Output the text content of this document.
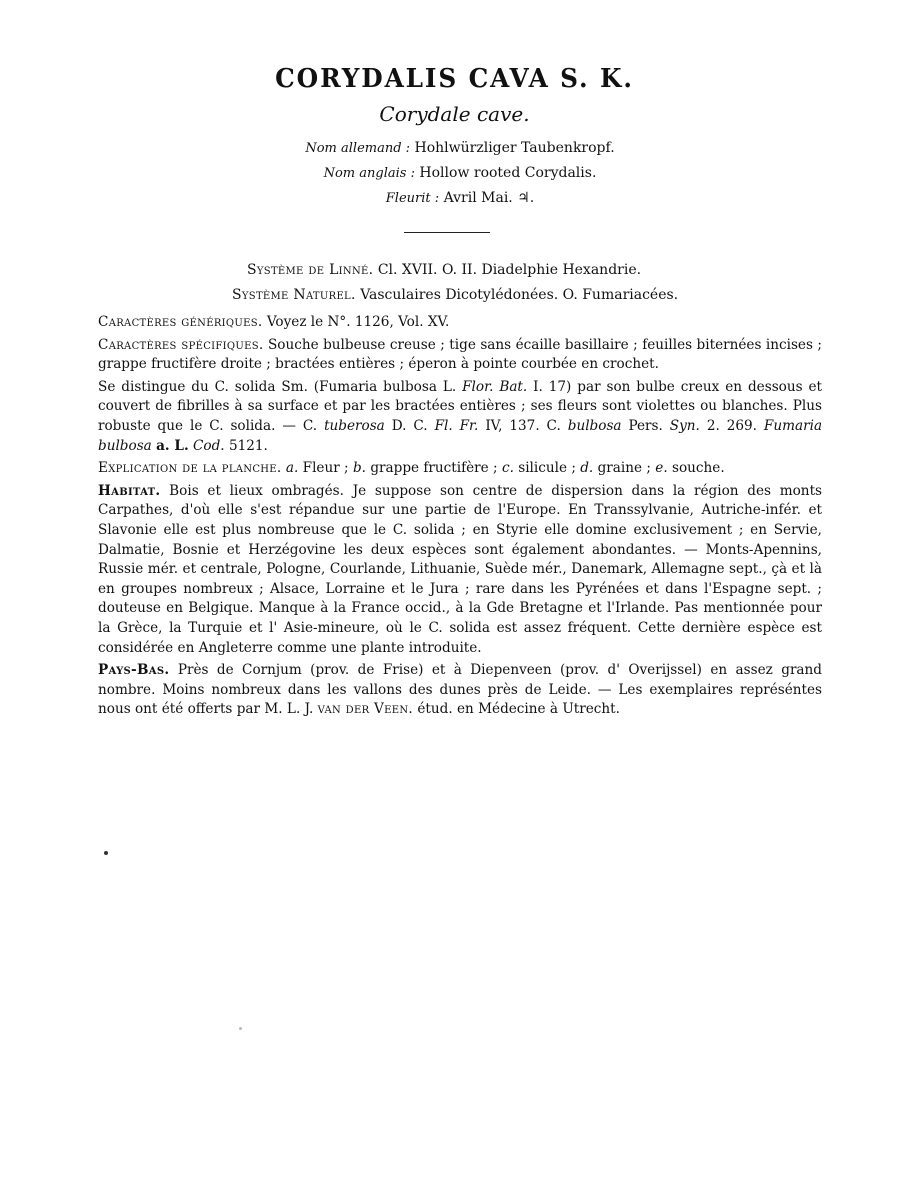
CORYDALIS CAVA S. K.
Corydale cave.
Nom allemand : Hohlwürzliger Taubenkropf.
Nom anglais : Hollow rooted Corydalis.
Fleurit : Avril Mai. ♃.
Système de Linné. Cl. XVII. O. II. Diadelphie Hexandrie.
Système Naturel. Vasculaires Dicotylédonées. O. Fumariacées.

Caractères génériques. Voyez le N°. 1126, Vol. XV.

Caractères spécifiques. Souche bulbeuse creuse ; tige sans écaille basillaire ; feuilles biternées incises ; grappe fructifère droite ; bractées entières ; éperon à pointe courbée en crochet.

Se distingue du C. solida Sm. (Fumaria bulbosa L. Flor. Bat. I. 17) par son bulbe creux en dessous et couvert de fibrilles à sa surface et par les bractées entières ; ses fleurs sont violettes ou blanches. Plus robuste que le C. solida. — C. tuberosa D. C. Fl. Fr. IV, 137. C. bulbosa Pers. Syn. 2. 269. Fumaria bulbosa a. L. Cod. 5121.

Explication de la planche. a. Fleur ; b. grappe fructifère ; c. silicule ; d. graine ; e. souche.

Habitat. Bois et lieux ombragés. Je suppose son centre de dispersion dans la région des monts Carpathes, d'où elle s'est répandue sur une partie de l'Europe. En Transsylvanie, Autriche-infér. et Slavonie elle est plus nombreuse que le C. solida ; en Styrie elle domine exclusivement ; en Servie, Dalmatie, Bosnie et Herzégovine les deux espèces sont également abondantes. — Monts-Apennins, Russie mér. et centrale, Pologne, Courlande, Lithuanie, Suède mér., Danemark, Allemagne sept., çà et là en groupes nombreux ; Alsace, Lorraine et le Jura ; rare dans les Pyrénées et dans l'Espagne sept. ; douteuse en Belgique. Manque à la France occid., à la Gde Bretagne et l'Irlande. Pas mentionnée pour la Grèce, la Turquie et l' Asie-mineure, où le C. solida est assez fréquent. Cette dernière espèce est considérée en Angleterre comme une plante introduite.

Pays-Bas. Près de Cornjum (prov. de Frise) et à Diepenveen (prov. d' Overijssel) en assez grand nombre. Moins nombreux dans les vallons des dunes près de Leide. — Les exemplaires représéntes nous ont été offerts par M. L. J. van der Veen. étud. en Médecine à Utrecht.
